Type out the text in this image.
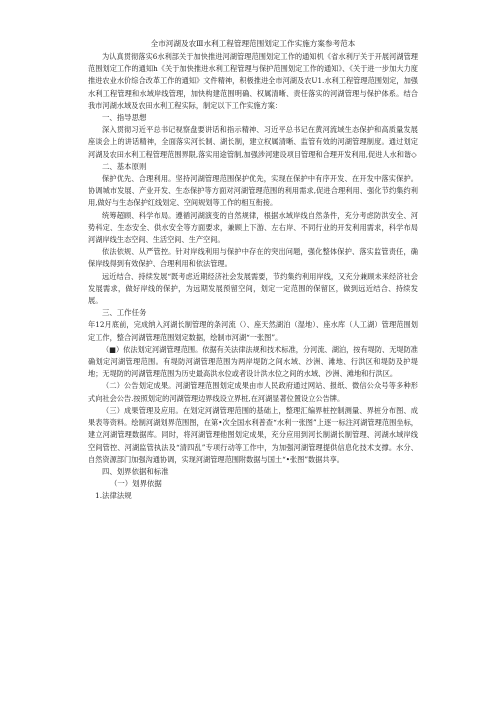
全市河湖及农Ⅲ水利工程管理范围划定工作实施方案参考范本

为认真贯彻落实6水利部关于加快推进河湖管理范围划定工作的通知机《省水利厅关于开展河湖管理范围划定工作的通知h《关于加快推进水利工程管理与保护范围划定工作的通知》、《关于进一步加大力度推进农业水价综合改革工作的通知》文件精神，积极推进全市河湖及农U1.水利工程管理范围划定，加强水利工程管理和水域岸线管理，加快构建范围明确、权属清晰、责任落实的河湖管理与保护体系。结合我市河湖水域及农田水利工程实际，制定以下工作实施方案：

一、指导思想

深入贯彻习近平总书记视察盘要讲话和指示精神、习近平总书记在黄河流域生态保护和高质量发展座谈会上的讲话精神，全面落实河长制、湖长制，建立权属清晰、监管有效的河湖管理制度。通过划定河湖及农田水利工程管理范围界限,落实用途管制,加强涉河建设项目管理和合理开发利用,促进人水和谐◇

二、基本原则

保护优先、合理利用。坚持河湖管理范围保护优先，实现在保护中有序开发、在开发中落实保护。协调城市发展、产业开发、生态保护等方面对河湖管理范围的利用需求,促进合理利用、强化节约集约利用,做好与生态保护红线划定、空间规划等工作的相互衔接。

统筹超顾、科学布局。遵循河湖演变的自然规律，根据水域岸线自然条件，充分考虑防洪安全、河势科定、生态安全、供水安全等方面要求，兼顾上下游、左右岸、不同行业的开发利用需求，科学布局河湖岸线生态空间、生活空间、生产空间。

依法依规、从严管控。针对岸线利用与保护中存在的突出问题，强化整体保护、落实监管责任，确保岸线得到有效保护、合理利用和依法管理。

远近结合、持续发展“既考虑近期经济社会发展需要，节约集约利用岸线，又充分兼顾未来经济社会发展需求，做好岸线的保护，为远期发展预留空间，划定一定范围的保留区，做到远近结合、持续发展。

三、工作任务

年12月底前，完成纳入河湖长制管理的条河流（）、座天然湖泊（湿地）、座水库（人工湖）管理范围划定工作，整合河湖管理范围划定数据，绘制市河湖“一张图”。

（■）依法划定河湖管理范围。依据有关法律法规和技术标准，分河流、湖泊，按有堤防、无堤防准确划定河湖管理范围。有堤防河湖管理范围为两岸堤防之间水域、沙洲、滩地、行洪区和堤防及护堤地；无堤防的河湖管理范围为历史最高洪水位或者设计洪水位之间的水域、沙洲、滩地和行洪区。

（二）公告划定成果。河湖管理范围划定成果由市人民政府通过网站、报纸、微信公众号等多种形式向社会公告.按照划定的河湖管理边界线设立界桩,在河湖显著位置设立公告牌。

（三）成果管理及应用。在划定河湖管理范围的基础上，整理汇编界桩控制测量、界桩分布图、成果表等资料。绘制河湖划界范围图，在第•次全国水利普查“水利一张图”上逐一标注河湖管理范围坐标，建立河湖管理数据库。同时，将河湖管理他图划定成果，充分应用到河长制湖长制管理、河湖水域岸线空间管控、河湖监管执法及“清四乱”专项行动等工作中，为加强河湖管理提供信息化技术支撑。水分、自然资源部门加强沟通协调，实现河湖管理范围附数据与国土“•张图”数据共享。

四、划界依据和标准

（一）划界依据

1.法律法规
